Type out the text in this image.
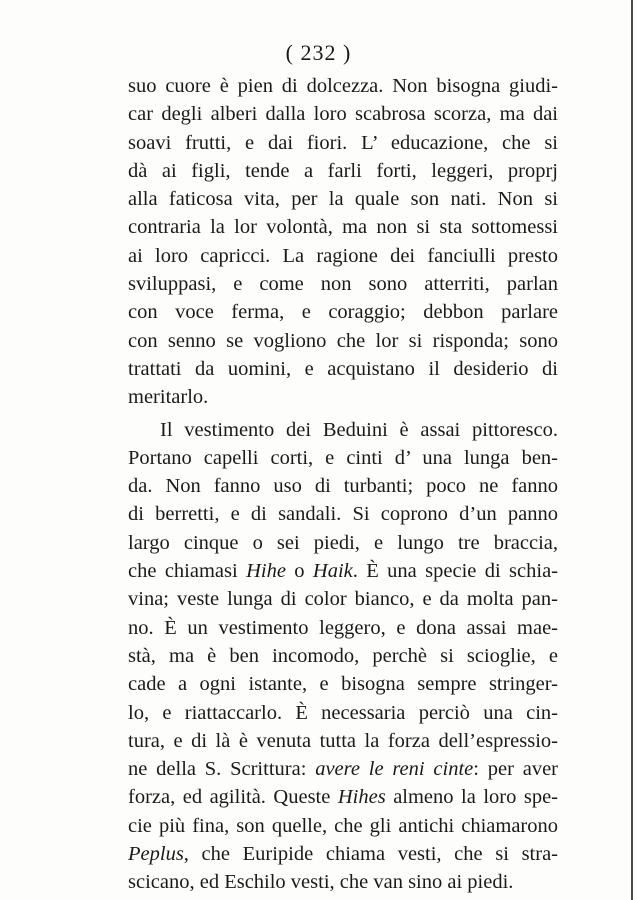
( 232 )
suo cuore è pien di dolcezza. Non bisogna giudi-
car degli alberi dalla loro scabrosa scorza, ma dai
soavi frutti, e dai fiori. L’ educazione, che si
dà ai figli, tende a farli forti, leggeri, proprj
alla faticosa vita, per la quale son nati. Non si
contraria la lor volontà, ma non si sta sottomessi
ai loro capricci. La ragione dei fanciulli presto
sviluppasi, e come non sono atterriti, parlan
con voce ferma, e coraggio; debbon parlare
con senno se vogliono che lor si risponda; sono
trattati da uomini, e acquistano il desiderio di
meritarlo.
Il vestimento dei Beduini è assai pittoresco.
Portano capelli corti, e cinti d’ una lunga ben-
da. Non fanno uso di turbanti; poco ne fanno
di berretti, e di sandali. Si coprono d’un panno
largo cinque o sei piedi, e lungo tre braccia,
che chiamasi Hihe o Haik. È una specie di schia-
vina; veste lunga di color bianco, e da molta pan-
no. È un vestimento leggero, e dona assai mae-
stà, ma è ben incomodo, perchè si scioglie, e
cade a ogni istante, e bisogna sempre stringer-
lo, e riattaccarlo. È necessaria perciò una cin-
tura, e di là è venuta tutta la forza dell’espressio-
ne della S. Scrittura: avere le reni cinte: per aver
forza, ed agilità. Queste Hihes almeno la loro spe-
cie più fina, son quelle, che gli antichi chiamarono
Peplus, che Euripide chiama vesti, che si stra-
scicano, ed Eschilo vesti, che van sino ai piedi.
